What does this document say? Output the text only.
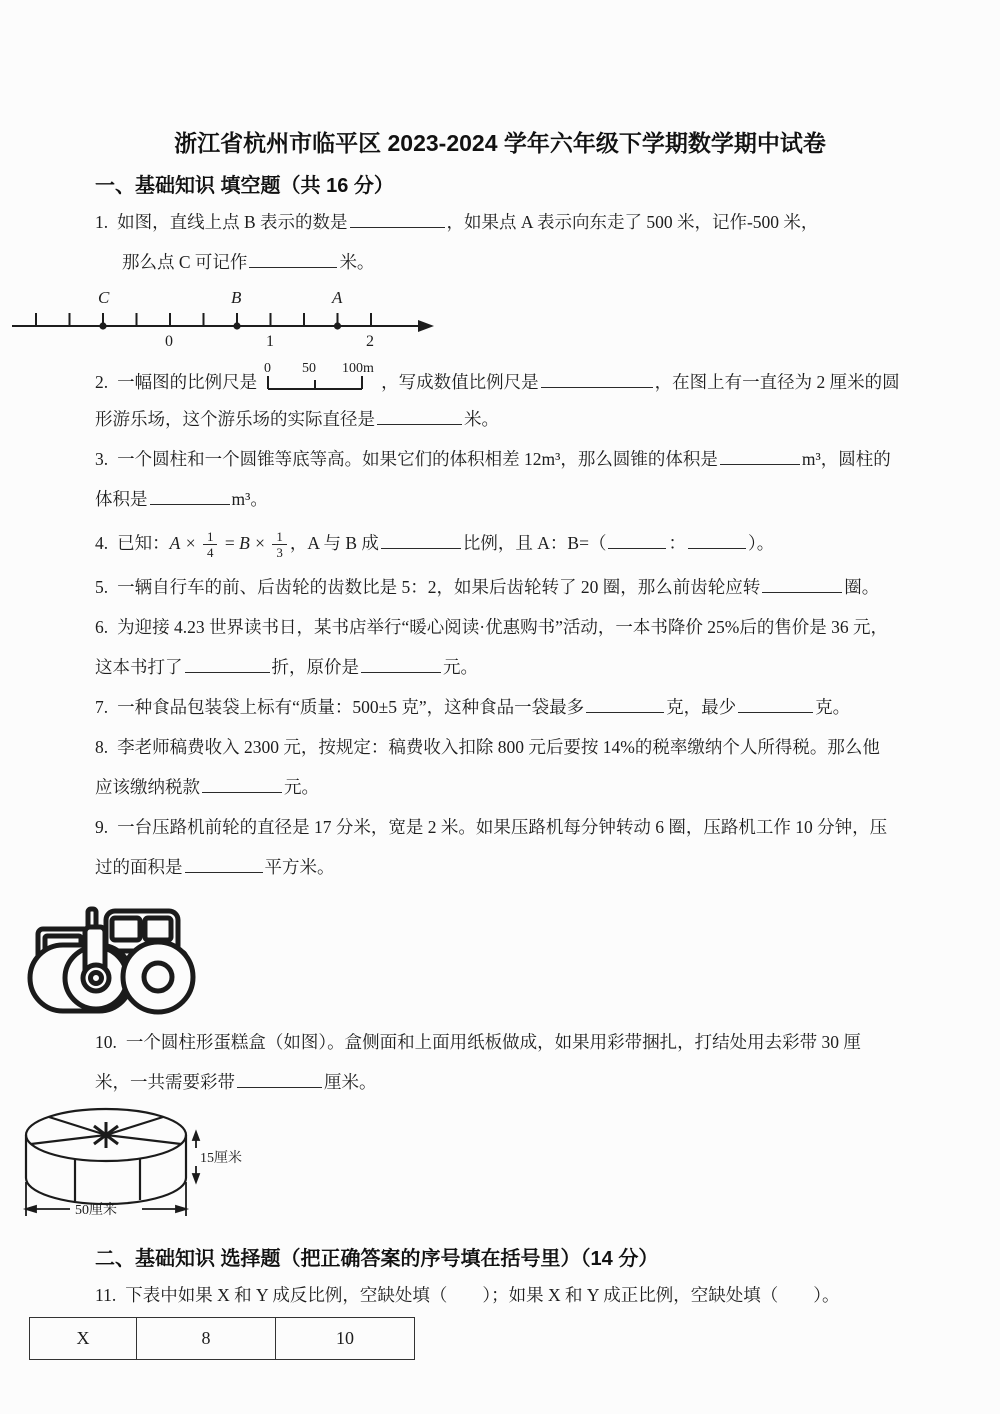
浙江省杭州市临平区 2023-2024 学年六年级下学期数学期中试卷
一、基础知识 填空题（共 16 分）
1. 如图，直线上点 B 表示的数是	，如果点 A 表示向东走了 500 米，记作-500 米，
那么点 C 可记作	米。
C	B	A
0	1	2
2. 一幅图的比例尺是
0 50 100m
，写成数值比例尺是	，在图上有一直径为 2 厘米的圆
形游乐场，这个游乐场的实际直径是	米。
3. 一个圆柱和一个圆锥等底等高。如果它们的体积相差 12m³，那么圆锥的体积是	m³，圆柱的
体积是	m³。
4. 已知：$A \times \frac{1}{4} = B \times \frac{1}{3}$ ，A 与 B 成	比例，且 A：B=（	：	）。
5. 一辆自行车的前、后齿轮的齿数比是 5：2，如果后齿轮转了 20 圈，那么前齿轮应转	圈。
6. 为迎接 4.23 世界读书日，某书店举行“暖心阅读·优惠购书”活动，一本书降价 25%后的售价是 36 元，
这本书打了	折，原价是	元。
7. 一种食品包装袋上标有“质量：500±5 克”，这种食品一袋最多	克，最少	克。
8. 李老师稿费收入 2300 元，按规定：稿费收入扣除 800 元后要按 14%的税率缴纳个人所得税。那么他
应该缴纳税款	元。
9. 一台压路机前轮的直径是 17 分米，宽是 2 米。如果压路机每分钟转动 6 圈，压路机工作 10 分钟，压
过的面积是	平方米。
10. 一个圆柱形蛋糕盒（如图）。盒侧面和上面用纸板做成，如果用彩带捆扎，打结处用去彩带 30 厘
米，一共需要彩带	厘米。
15厘米
50厘米
二、基础知识 选择题（把正确答案的序号填在括号里）（14 分）
11. 下表中如果 X 和 Y 成反比例，空缺处填（　　）；如果 X 和 Y 成正比例，空缺处填（　　）。
X	8	10
